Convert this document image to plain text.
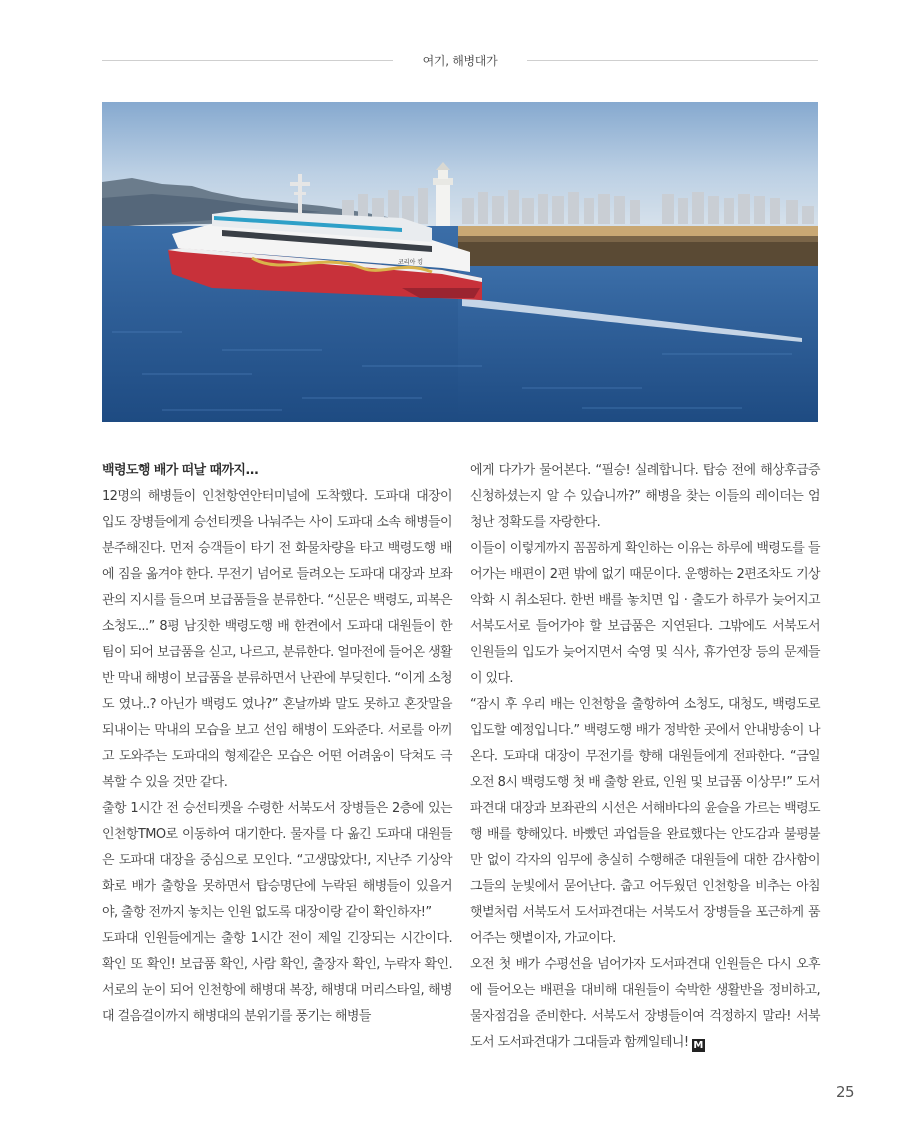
여기, 해병대가
코리아 킹

백령도행 배가 떠날 때까지...

12명의 해병들이 인천항연안터미널에 도착했다. 도파대 대장이 입도 장병들에게 승선티켓을 나눠주는 사이 도파대 소속 해병들이 분주해진다. 먼저 승객들이 타기 전 화물차량을 타고 백령도행 배에 짐을 옮겨야 한다. 무전기 넘어로 들려오는 도파대 대장과 보좌관의 지시를 들으며 보급품들을 분류한다. “신문은 백령도, 피복은 소청도...” 8평 남짓한 백령도행 배 한켠에서 도파대 대원들이 한팀이 되어 보급품을 싣고, 나르고, 분류한다. 얼마전에 들어온 생활반 막내 해병이 보급품을 분류하면서 난관에 부딪힌다. “이게 소청도 였나..? 아닌가 백령도 였나?” 혼날까봐 말도 못하고 혼잣말을 되내이는 막내의 모습을 보고 선임 해병이 도와준다. 서로를 아끼고 도와주는 도파대의 형제같은 모습은 어떤 어려움이 닥쳐도 극복할 수 있을 것만 같다.

출항 1시간 전 승선티켓을 수령한 서북도서 장병들은 2층에 있는 인천항TMO로 이동하여 대기한다. 물자를 다 옮긴 도파대 대원들은 도파대 대장을 중심으로 모인다. “고생많았다!, 지난주 기상악화로 배가 출항을 못하면서 탑승명단에 누락된 해병들이 있을거야, 출항 전까지 놓치는 인원 없도록 대장이랑 같이 확인하자!”

도파대 인원들에게는 출항 1시간 전이 제일 긴장되는 시간이다. 확인 또 확인! 보급품 확인, 사람 확인, 출장자 확인, 누락자 확인. 서로의 눈이 되어 인천항에 해병대 복장, 해병대 머리스타일, 해병대 걸음걸이까지 해병대의 분위기를 풍기는 해병들

에게 다가가 물어본다. “필승! 실례합니다. 탑승 전에 해상후급증 신청하셨는지 알 수 있습니까?” 해병을 찾는 이들의 레이더는 엄청난 정확도를 자랑한다.

이들이 이렇게까지 꼼꼼하게 확인하는 이유는 하루에 백령도를 들어가는 배편이 2편 밖에 없기 때문이다. 운행하는 2편조차도 기상악화 시 취소된다. 한번 배를 놓치면 입 · 출도가 하루가 늦어지고 서북도서로 들어가야 할 보급품은 지연된다. 그밖에도 서북도서 인원들의 입도가 늦어지면서 숙영 및 식사, 휴가연장 등의 문제들이 있다.

“잠시 후 우리 배는 인천항을 출항하여 소청도, 대청도, 백령도로 입도할 예정입니다.” 백령도행 배가 정박한 곳에서 안내방송이 나온다. 도파대 대장이 무전기를 향해 대원들에게 전파한다. “금일 오전 8시 백령도행 첫 배 출항 완료, 인원 및 보급품 이상무!” 도서파견대 대장과 보좌관의 시선은 서해바다의 윤슬을 가르는 백령도행 배를 향해있다. 바빴던 과업들을 완료했다는 안도감과 불평불만 없이 각자의 임무에 충실히 수행해준 대원들에 대한 감사함이 그들의 눈빛에서 묻어난다. 춥고 어두웠던 인천항을 비추는 아침 햇볕처럼 서북도서 도서파견대는 서북도서 장병들을 포근하게 품어주는 햇볕이자, 가교이다.

오전 첫 배가 수평선을 넘어가자 도서파견대 인원들은 다시 오후에 들어오는 배편을 대비해 대원들이 숙박한 생활반을 정비하고, 물자점검을 준비한다. 서북도서 장병들이여 걱정하지 말라! 서북도서 도서파견대가 그대들과 함께일테니! M

25
